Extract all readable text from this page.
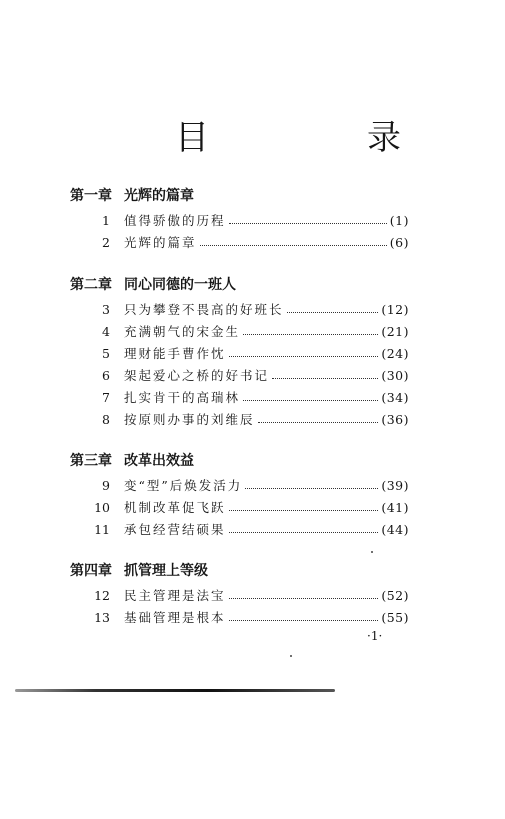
目　录
第一章 光辉的篇章
1 值得骄傲的历程	(1)
2 光辉的篇章	(6)
第二章 同心同德的一班人
3 只为攀登不畏高的好班长	(12)
4 充满朝气的宋金生	(21)
5 理财能手曹作忱	(24)
6 架起爱心之桥的好书记	(30)
7 扎实肯干的高瑞林	(34)
8 按原则办事的刘维辰	(36)
第三章 改革出效益
9 变“型”后焕发活力	(39)
10 机制改革促飞跃	(41)
11 承包经营结硕果	(44)
第四章 抓管理上等级
12 民主管理是法宝	(52)
13 基础管理是根本	(55)
·1·
